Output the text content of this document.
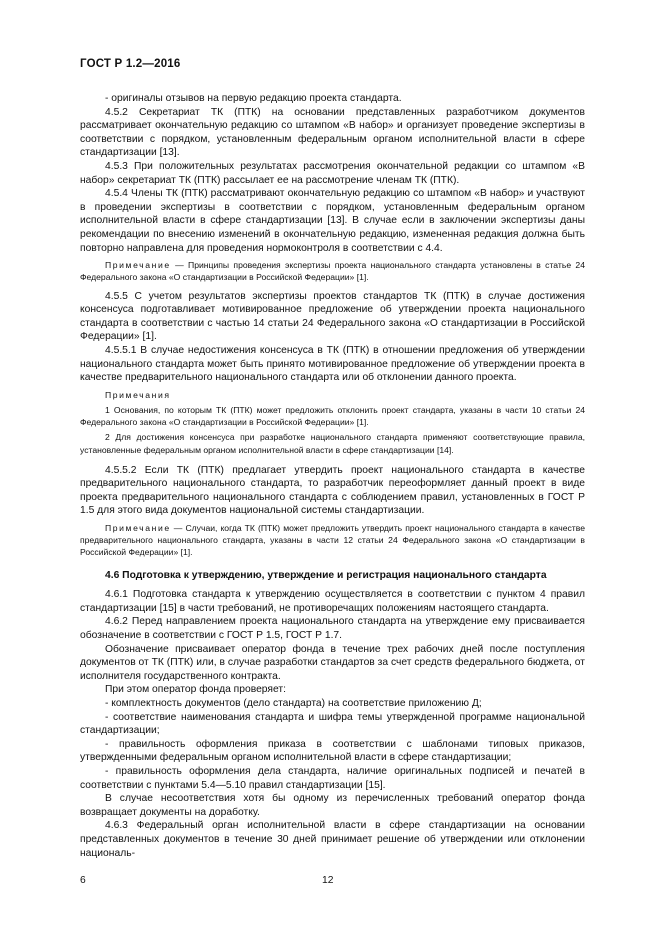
ГОСТ Р 1.2—2016

- оригиналы отзывов на первую редакцию проекта стандарта.

4.5.2 Секретариат ТК (ПТК) на основании представленных разработчиком документов рассматривает окончательную редакцию со штампом «В набор» и организует проведение экспертизы в соответствии с порядком, установленным федеральным органом исполнительной власти в сфере стандартизации [13].

4.5.3 При положительных результатах рассмотрения окончательной редакции со штампом «В набор» секретариат ТК (ПТК) рассылает ее на рассмотрение членам ТК (ПТК).

4.5.4 Члены ТК (ПТК) рассматривают окончательную редакцию со штампом «В набор» и участвуют в проведении экспертизы в соответствии с порядком, установленным федеральным органом исполнительной власти в сфере стандартизации [13]. В случае если в заключении экспертизы даны рекомендации по внесению изменений в окончательную редакцию, измененная редакция должна быть повторно направлена для проведения нормоконтроля в соответствии с 4.4.

Примечание — Принципы проведения экспертизы проекта национального стандарта установлены в статье 24 Федерального закона «О стандартизации в Российской Федерации» [1].

4.5.5 С учетом результатов экспертизы проектов стандартов ТК (ПТК) в случае достижения консенсуса подготавливает мотивированное предложение об утверждении проекта национального стандарта в соответствии с частью 14 статьи 24 Федерального закона «О стандартизации в Российской Федерации» [1].

4.5.5.1 В случае недостижения консенсуса в ТК (ПТК) в отношении предложения об утверждении национального стандарта может быть принято мотивированное предложение об утверждении проекта в качестве предварительного национального стандарта или об отклонении данного проекта.

Примечания

1 Основания, по которым ТК (ПТК) может предложить отклонить проект стандарта, указаны в части 10 статьи 24 Федерального закона «О стандартизации в Российской Федерации» [1].

2 Для достижения консенсуса при разработке национального стандарта применяют соответствующие правила, установленные федеральным органом исполнительной власти в сфере стандартизации [14].

4.5.5.2 Если ТК (ПТК) предлагает утвердить проект национального стандарта в качестве предварительного национального стандарта, то разработчик переоформляет данный проект в виде проекта предварительного национального стандарта с соблюдением правил, установленных в ГОСТ Р 1.5 для этого вида документов национальной системы стандартизации.

Примечание — Случаи, когда ТК (ПТК) может предложить утвердить проект национального стандарта в качестве предварительного национального стандарта, указаны в части 12 статьи 24 Федерального закона «О стандартизации в Российской Федерации» [1].

4.6 Подготовка к утверждению, утверждение и регистрация национального стандарта

4.6.1 Подготовка стандарта к утверждению осуществляется в соответствии с пунктом 4 правил стандартизации [15] в части требований, не противоречащих положениям настоящего стандарта.

4.6.2 Перед направлением проекта национального стандарта на утверждение ему присваивается обозначение в соответствии с ГОСТ Р 1.5, ГОСТ Р 1.7.

Обозначение присваивает оператор фонда в течение трех рабочих дней после поступления документов от ТК (ПТК) или, в случае разработки стандартов за счет средств федерального бюджета, от исполнителя государственного контракта.

При этом оператор фонда проверяет:

- комплектность документов (дело стандарта) на соответствие приложению Д;

- соответствие наименования стандарта и шифра темы утвержденной программе национальной стандартизации;

- правильность оформления приказа в соответствии с шаблонами типовых приказов, утвержденными федеральным органом исполнительной власти в сфере стандартизации;

- правильность оформления дела стандарта, наличие оригинальных подписей и печатей в соответствии с пунктами 5.4—5.10 правил стандартизации [15].

В случае несоответствия хотя бы одному из перечисленных требований оператор фонда возвращает документы на доработку.

4.6.3 Федеральный орган исполнительной власти в сфере стандартизации на основании представленных документов в течение 30 дней принимает решение об утверждении или отклонении националь-

6	12
